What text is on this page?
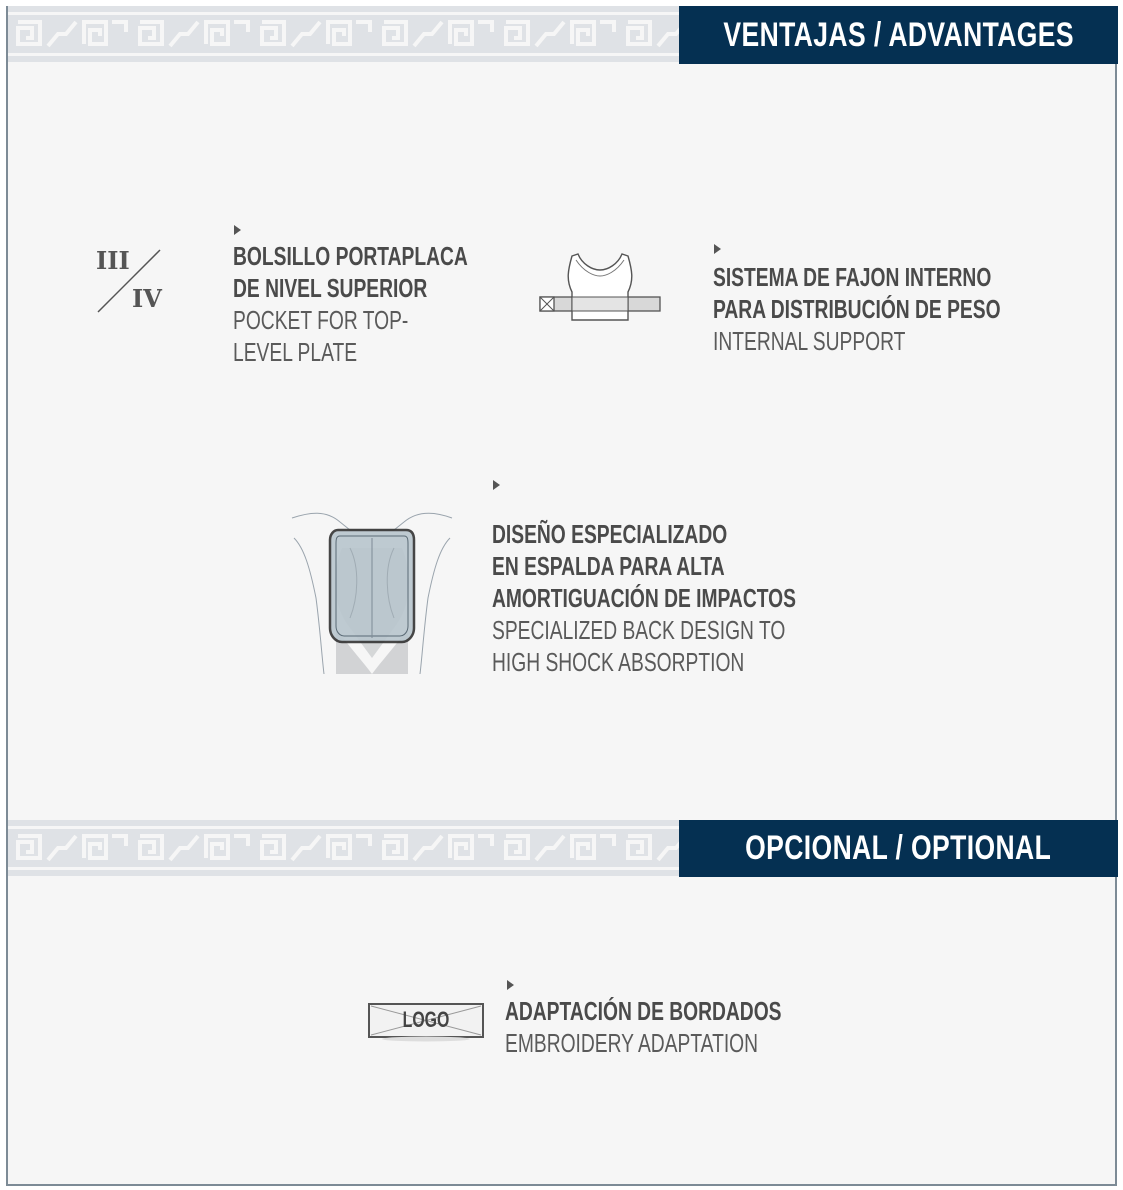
VENTAJAS / ADVANTAGES
III
IV
BOLSILLO PORTAPLACA
DE NIVEL SUPERIOR
POCKET FOR TOP-
LEVEL PLATE
SISTEMA DE FAJON INTERNO
PARA DISTRIBUCIÓN DE PESO
INTERNAL SUPPORT
DISEÑO ESPECIALIZADO
EN ESPALDA PARA ALTA
AMORTIGUACIÓN DE IMPACTOS
SPECIALIZED BACK DESIGN TO
HIGH SHOCK ABSORPTION
OPCIONAL / OPTIONAL
LOGO	ADAPTACIÓN DE BORDADOS
EMBROIDERY ADAPTATION
